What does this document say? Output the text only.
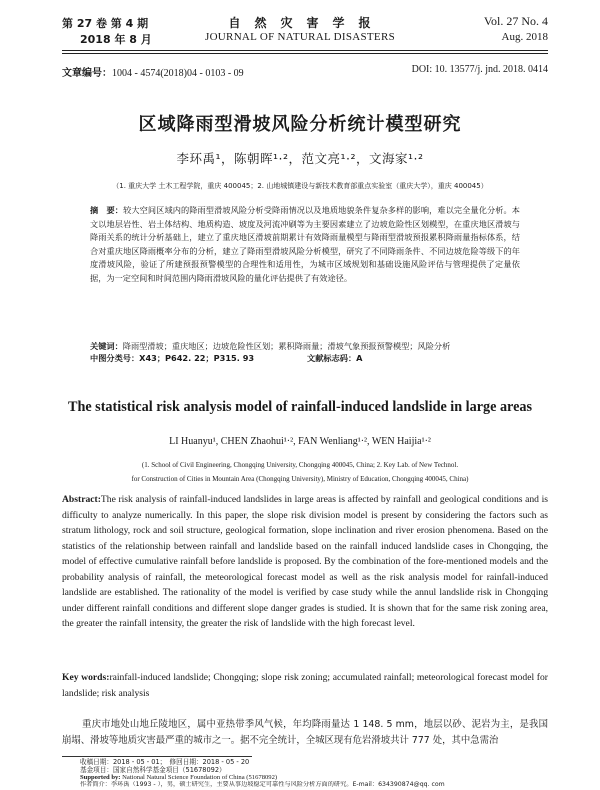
第 27 卷 第 4 期
2018 年 8 月
自　然　灾　害　学　报
JOURNAL OF NATURAL DISASTERS
Vol. 27 No. 4
Aug. 2018
文章编号：1004 - 4574(2018)04 - 0103 - 09	DOI: 10. 13577/j. jnd. 2018. 0414
区域降雨型滑坡风险分析统计模型研究
李环禹¹，陈朝晖¹·²，范文亮¹·²，文海家¹·²
（1. 重庆大学 土木工程学院，重庆 400045；2. 山地城镇建设与新技术教育部重点实验室（重庆大学），重庆 400045）
摘　要：较大空间区域内的降雨型滑坡风险分析受降雨情况以及地质地貌条件复杂多样的影响，难以完全量化分析。本文以地层岩性、岩土体结构、地质构造、坡度及河流冲刷等为主要因素建立了边坡危险性区划模型，在重庆地区滑坡与降雨关系的统计分析基础上，建立了重庆地区滑坡前期累计有效降雨量模型与降雨型滑坡预报累积降雨量指标体系，结合对重庆地区降雨概率分布的分析，建立了降雨型滑坡风险分析模型，研究了不同降雨条件、不同边坡危险等级下的年度滑坡风险，验证了所建预报预警模型的合理性和适用性，为城市区域规划和基础设施风险评估与管理提供了定量依据，为一定空间和时间范围内降雨滑坡风险的量化评估提供了有效途径。
关键词：降雨型滑坡；重庆地区；边坡危险性区划；累积降雨量；滑坡气象预报预警模型；风险分析
中图分类号：X43；P642. 22；P315. 93	文献标志码：A
The statistical risk analysis model of rainfall-induced landslide in large areas
LI Huanyu¹, CHEN Zhaohui¹·², FAN Wenliang¹·², WEN Haijia¹·²
(1. School of Civil Engineering, Chongqing University, Chongqing 400045, China; 2. Key Lab. of New Technol.
for Construction of Cities in Mountain Area (Chongqing University), Ministry of Education, Chongqing 400045, China)
Abstract:The risk analysis of rainfall-induced landslides in large areas is affected by rainfall and geological conditions and is difficulty to analyze numerically. In this paper, the slope risk division model is present by considering the factors such as stratum lithology, rock and soil structure, geological formation, slope inclination and river erosion phenomena. Based on the statistics of the relationship between rainfall and landslide based on the rainfall induced landslide cases in Chongqing, the model of effective cumulative rainfall before landslide is proposed. By the combination of the fore-mentioned models and the probability analysis of rainfall, the meteorological forecast model as well as the risk analysis model for rainfall-induced landslide are established. The rationality of the model is verified by case study while the annul landslide risk in Chongqing under different rainfall conditions and different slope danger grades is studied. It is shown that for the same risk zoning area, the greater the rainfall intensity, the greater the risk of landslide with the high forecast level.
Key words:rainfall-induced landslide; Chongqing; slope risk zoning; accumulated rainfall; meteorological forecast model for landslide; risk analysis
重庆市地处山地丘陵地区，属中亚热带季风气候，年均降雨量达 1 148. 5 mm，地层以砂、泥岩为主，是我国崩塌、滑坡等地质灾害最严重的城市之一。据不完全统计，全城区现有危岩滑坡共计 777 处，其中急需治
收稿日期：2018 - 05 - 01；　修回日期：2018 - 05 - 20
基金项目：国家自然科学基金项目（51678092）
Supported by: National Natural Science Foundation of China (51678092)
作者简介：李环禹（1993 - ），男，硕士研究生，主要从事边坡稳定可靠性与风险分析方面的研究。E-mail：634390874@qq. com
